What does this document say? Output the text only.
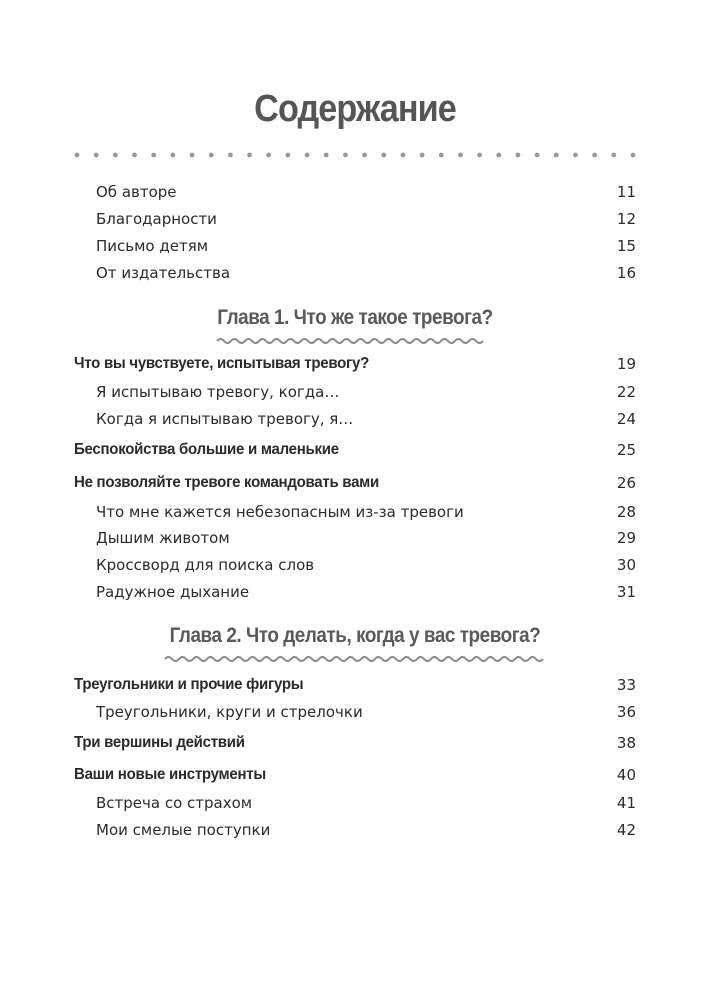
Содержание
Об авторе	11
Благодарности	12
Письмо детям	15
От издательства	16
Глава 1. Что же такое тревога?
Что вы чувствуете, испытывая тревогу?	19
Я испытываю тревогу, когда…	22
Когда я испытываю тревогу, я…	24
Беспокойства большие и маленькие	25
Не позволяйте тревоге командовать вами	26
Что мне кажется небезопасным из-за тревоги	28
Дышим животом	29
Кроссворд для поиска слов	30
Радужное дыхание	31
Глава 2. Что делать, когда у вас тревога?
Треугольники и прочие фигуры	33
Треугольники, круги и стрелочки	36
Три вершины действий	38
Ваши новые инструменты	40
Встреча со страхом	41
Мои смелые поступки	42
